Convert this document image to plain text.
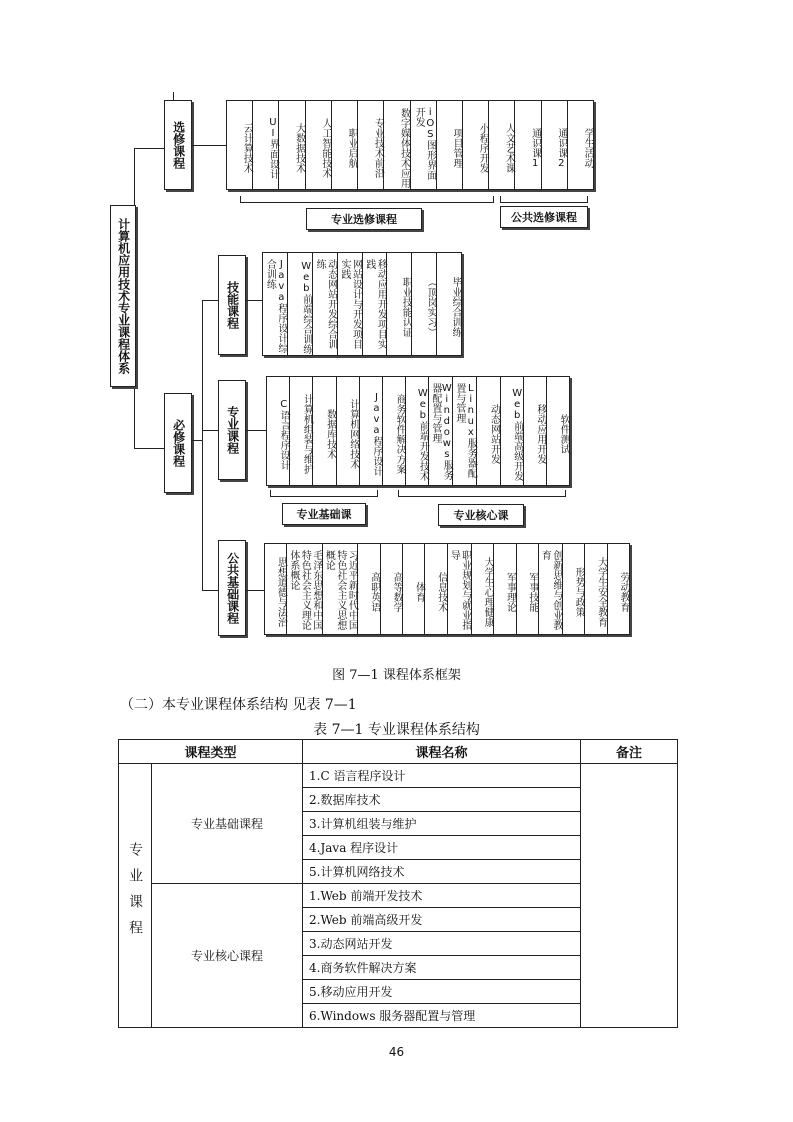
计算机应用技术专业课程体系
选修课程	云计算技术	UI界面设计	大数据技术	人工智能技术	职业启航	专业技术前沿	数字媒体技术应用	iOS图形界面开发
项目管理	小程序开发	人文艺术课	通识课1	通识课2	学生活动
专业选修课程	公共选修课程
必修课程
技能课程	Java程序设计综合训练	Web前端综合训练	动态网站开发综合训练	网站设计与开发项目实践	移动应用开发项目实践
职业技能认证	（顶岗实习）	毕业综合训练
专业课程	C语言程序设计	计算机组装与维护	数据库技术	计算机网络技术	Java程序设计	商务软件解决方案	Web前端开发技术	Windows服务器配置与管理	Linux服务器配置与管理
动态网站开发	Web前端高级开发	移动应用开发	软件测试
专业基础课	专业核心课
公共基础课程	思想道德与法治	毛泽东思想和中国特色社会主义理论体系概论	习近平新时代中国特色社会主义思想概论
高职英语	高等数学	体育	信息技术	职业规划与就业指导
大学生心理健康	军事理论	军事技能	创新思维与创业教育
形势与政策	大学生安全教育	劳动教育
图 7—1 课程体系框架
（二）本专业课程体系结构 见表 7—1
表 7—1 专业课程体系结构
课程类型		课程名称	备注
专业课程	专业基础课程	1.C 语言程序设计	
		2.数据库技术	
		3.计算机组装与维护	
		4.Java 程序设计	
		5.计算机网络技术	
	专业核心课程	1.Web 前端开发技术	
		2.Web 前端高级开发	
		3.动态网站开发	
		4.商务软件解决方案	
		5.移动应用开发	
		6.Windows 服务器配置与管理	
46
